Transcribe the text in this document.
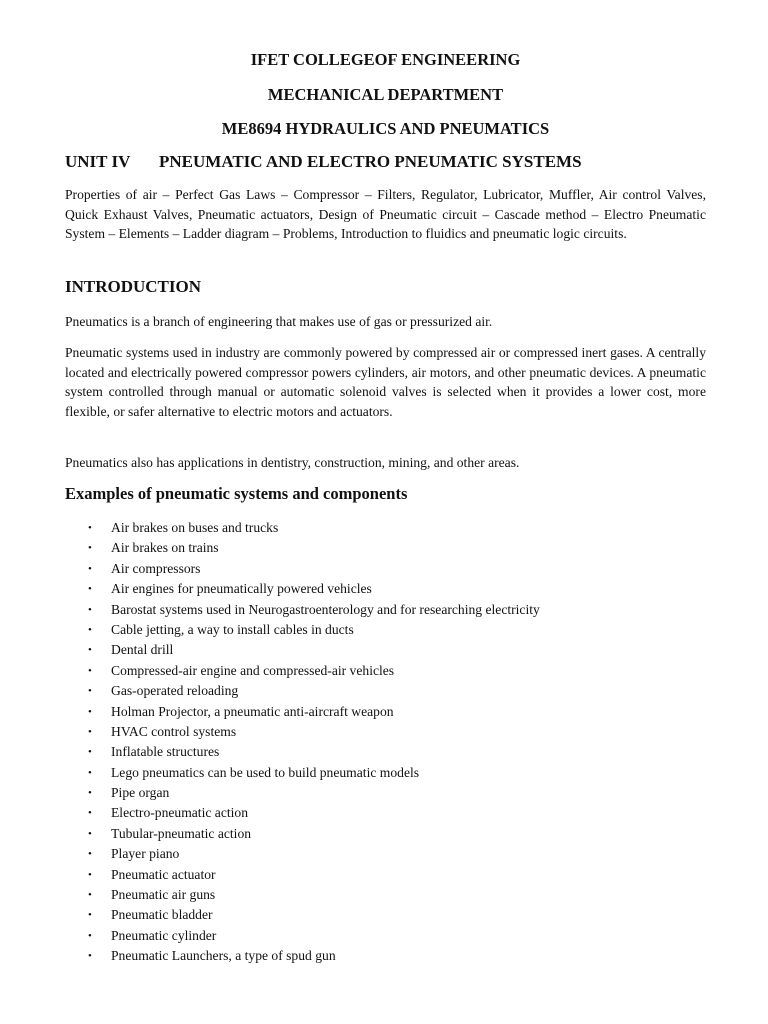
IFET COLLEGEOF ENGINEERING
MECHANICAL DEPARTMENT
ME8694 HYDRAULICS AND PNEUMATICS
UNIT IV PNEUMATIC AND ELECTRO PNEUMATIC SYSTEMS

Properties of air – Perfect Gas Laws – Compressor – Filters, Regulator, Lubricator, Muffler, Air control Valves, Quick Exhaust Valves, Pneumatic actuators, Design of Pneumatic circuit – Cascade method – Electro Pneumatic System – Elements – Ladder diagram – Problems, Introduction to fluidics and pneumatic logic circuits.

INTRODUCTION

Pneumatics is a branch of engineering that makes use of gas or pressurized air.

Pneumatic systems used in industry are commonly powered by compressed air or compressed inert gases. A centrally located and electrically powered compressor powers cylinders, air motors, and other pneumatic devices. A pneumatic system controlled through manual or automatic solenoid valves is selected when it provides a lower cost, more flexible, or safer alternative to electric motors and actuators.

Pneumatics also has applications in dentistry, construction, mining, and other areas.

Examples of pneumatic systems and components
• Air brakes on buses and trucks
• Air brakes on trains
• Air compressors
• Air engines for pneumatically powered vehicles
• Barostat systems used in Neurogastroenterology and for researching electricity
• Cable jetting, a way to install cables in ducts
• Dental drill
• Compressed-air engine and compressed-air vehicles
• Gas-operated reloading
• Holman Projector, a pneumatic anti-aircraft weapon
• HVAC control systems
• Inflatable structures
• Lego pneumatics can be used to build pneumatic models
• Pipe organ
• Electro-pneumatic action
• Tubular-pneumatic action
• Player piano
• Pneumatic actuator
• Pneumatic air guns
• Pneumatic bladder
• Pneumatic cylinder
• Pneumatic Launchers, a type of spud gun
